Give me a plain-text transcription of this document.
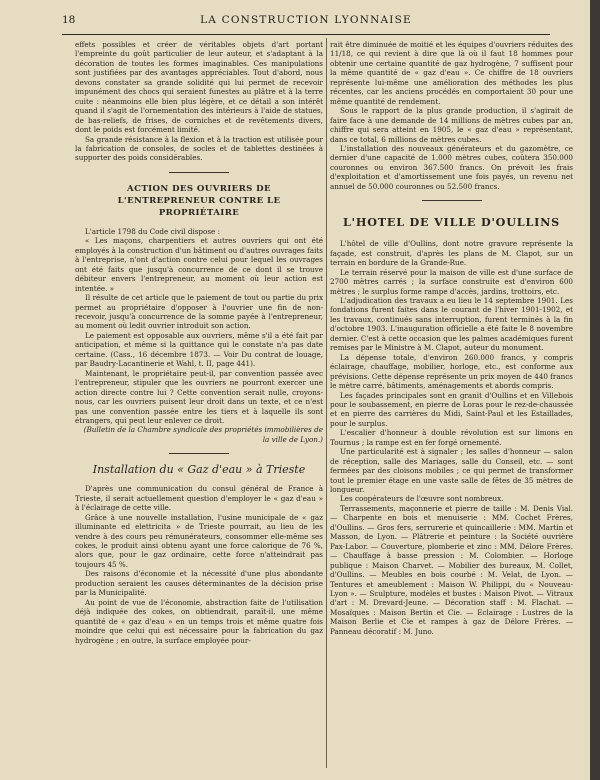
18	LA CONSTRUCTION LYONNAISE

effets possibles et créer de véritables objets d'art portant l'empreinte du goût particulier de leur auteur, et s'adaptant à la décoration de toutes les formes imaginables. Ces manipulations sont justifiées par des avantages appréciables. Tout d'abord, nous devons constater sa grande solidité qui lui permet de recevoir impunément des chocs qui seraient funestes au plâtre et à la terre cuite : néanmoins elle bien plus légère, et ce détail a son intérêt quand il s'agit de l'ornementation des intérieurs à l'aide de statues, de bas-reliefs, de frises, de corniches et de revêtements divers, dont le poids est forcément limité.

Sa grande résistance à la flexion et à la traction est utilisée pour la fabrication de consoles, de socles et de tablettes destinées à supporter des poids considérables.

ACTION DES OUVRIERS DE L'ENTREPRENEUR CONTRE LE PROPRIÉTAIRE

L'article 1798 du Code civil dispose :

« Les maçons, charpentiers et autres ouvriers qui ont été employés à la construction d'un bâtiment ou d'autres ouvrages faits à l'entreprise, n'ont d'action contre celui pour lequel les ouvrages ont été faits que jusqu'à concurrence de ce dont il se trouve débiteur envers l'entrepreneur, au moment où leur action est intentée. »

Il résulte de cet article que le paiement de tout ou partie du prix permet au propriétaire d'opposer à l'ouvrier une fin de non-recevoir, jusqu'à concurrence de la somme payée à l'entrepreneur, au moment où ledit ouvrier introduit son action.

Le paiement est opposable aux ouvriers, même s'il a été fait par anticipation, et même si la quittance qui le constate n'a pas date certaine. (Cass., 16 décembre 1873. — Voir Du contrat de louage, par Baudry-Lacantinerie et Wahl, t. II, page 441).

Maintenant, le propriétaire peut-il, par convention passée avec l'entrepreneur, stipuler que les ouvriers ne pourront exercer une action directe contre lui ? Cette convention serait nulle, croyons-nous, car les ouvriers puisent leur droit dans un texte, et ce n'est pas une convention passée entre les tiers et à laquelle ils sont étrangers, qui peut leur enlever ce droit.

(Bulletin de la Chambre syndicale des propriétés immobilières de la ville de Lyon.)

Installation du « Gaz d'eau » à Trieste

D'après une communication du consul général de France à Trieste, il serait actuellement question d'employer le « gaz d'eau » à l'éclairage de cette ville.

Grâce à une nouvelle installation, l'usine municipale de « gaz illuminante ed elettricita » de Trieste pourrait, au lieu de les vendre à des cours peu rémunérateurs, consommer elle-même ses cokes, le produit ainsi obtenu ayant une force calorique de 76 %, alors que, pour le gaz ordinaire, cette force n'atteindrait pas toujours 45 %.

Des raisons d'économie et la nécessité d'une plus abondante production seraient les causes déterminantes de la décision prise par la Municipalité.

Au point de vue de l'économie, abstraction faite de l'utilisation déjà indiquée des cokes, on obtiendrait, paraît-il, une même quantité de « gaz d'eau » en un temps trois et même quatre fois moindre que celui qui est nécessaire pour la fabrication du gaz hydrogène ; en outre, la surface employée pour-

rait être diminuée de moitié et les équipes d'ouvriers réduites des 11/18, ce qui revient à dire que là où il faut 18 hommes pour obtenir une certaine quantité de gaz hydrogène, 7 suffisent pour la même quantité de « gaz d'eau ». Ce chiffre de 18 ouvriers représente lui-même une amélioration des méthodes les plus récentes, car les anciens procédés en comportaient 30 pour une même quantité de rendement.

Sous le rapport de la plus grande production, il s'agirait de faire face à une demande de 14 millions de mètres cubes par an, chiffre qui sera atteint en 1905, le « gaz d'eau » représentant, dans ce total, 6 millions de mètres cubes.

L'installation des nouveaux générateurs et du gazomètre, ce dernier d'une capacité de 1.000 mètres cubes, coûtera 350.000 couronnes ou environ 367.500 francs. On prévoit les frais d'exploitation et d'amortissement une fois payés, un revenu net annuel de 50.000 couronnes ou 52.500 francs.

L'HOTEL DE VILLE D'OULLINS

L'hôtel de ville d'Oullins, dont notre gravure représente la façade, est construit, d'après les plans de M. Clapot, sur un terrain en bordure de la Grande-Rue.

Le terrain réservé pour la maison de ville est d'une surface de 2700 mètres carrés ; la surface construite est d'environ 600 mètres ; le surplus forme rampe d'accès, jardins, trottoirs, etc.

L'adjudication des travaux a eu lieu le 14 septembre 1901. Les fondations furent faites dans le courant de l'hiver 1901-1902, et les travaux, continués sans interruption, furent terminés à la fin d'octobre 1903. L'inauguration officielle a été faite le 8 novembre dernier. C'est à cette occasion que les palmes académiques furent remises par le Ministre à M. Clapot, auteur du monument.

La dépense totale, d'environ 260.000 francs, y compris éclairage, chauffage, mobilier, horloge, etc., est conforme aux prévisions. Cette dépense représente un prix moyen de 440 francs le mètre carré, bâtiments, aménagements et abords compris.

Les façades principales sont en granit d'Oullins et en Villebois pour le soubassement, en pierre de Loras pour le rez-de-chaussée et en pierre des carrières du Midi, Saint-Paul et les Estaillades, pour le surplus.

L'escalier d'honneur à double révolution est sur limons en Tournus ; la rampe est en fer forgé ornementé.

Une particularité est à signaler ; les salles d'honneur — salon de réception, salle des Mariages, salle du Conseil, etc. — sont fermées par des cloisons mobiles ; ce qui permet de transformer tout le premier étage en une vaste salle de fêtes de 35 mètres de longueur.

Les coopérateurs de l'œuvre sont nombreux.

Terrassements, maçonnerie et pierre de taille : M. Denis Vial. — Charpente en bois et menuiserie : MM. Cochet Frères, d'Oullins. — Gros fers, serrurerie et quincaillerie : MM. Martin et Masson, de Lyon. — Plâtrerie et peinture : la Société ouvrière Pax-Labor. — Couverture, plomberie et zinc : MM. Délore Frères. — Chauffage à basse pression : M. Colombier. — Horloge publique : Maison Charvet. — Mobilier des bureaux, M. Collet, d'Oullins. — Meubles en bois courbé : M. Velat, de Lyon. — Tentures et ameublement : Maison W. Philippi, du « Nouveau-Lyon ». — Sculpture, modèles et bustes : Maison Pivot. — Vitraux d'art : M. Drevard-Jeune. — Décoration staff : M. Flachat. — Mosaïques : Maison Bertin et Cie. — Eclairage : Lustres de la Maison Berlie et Cie et rampes à gaz de Délore Frères. — Panneau décoratif : M. Juno.
